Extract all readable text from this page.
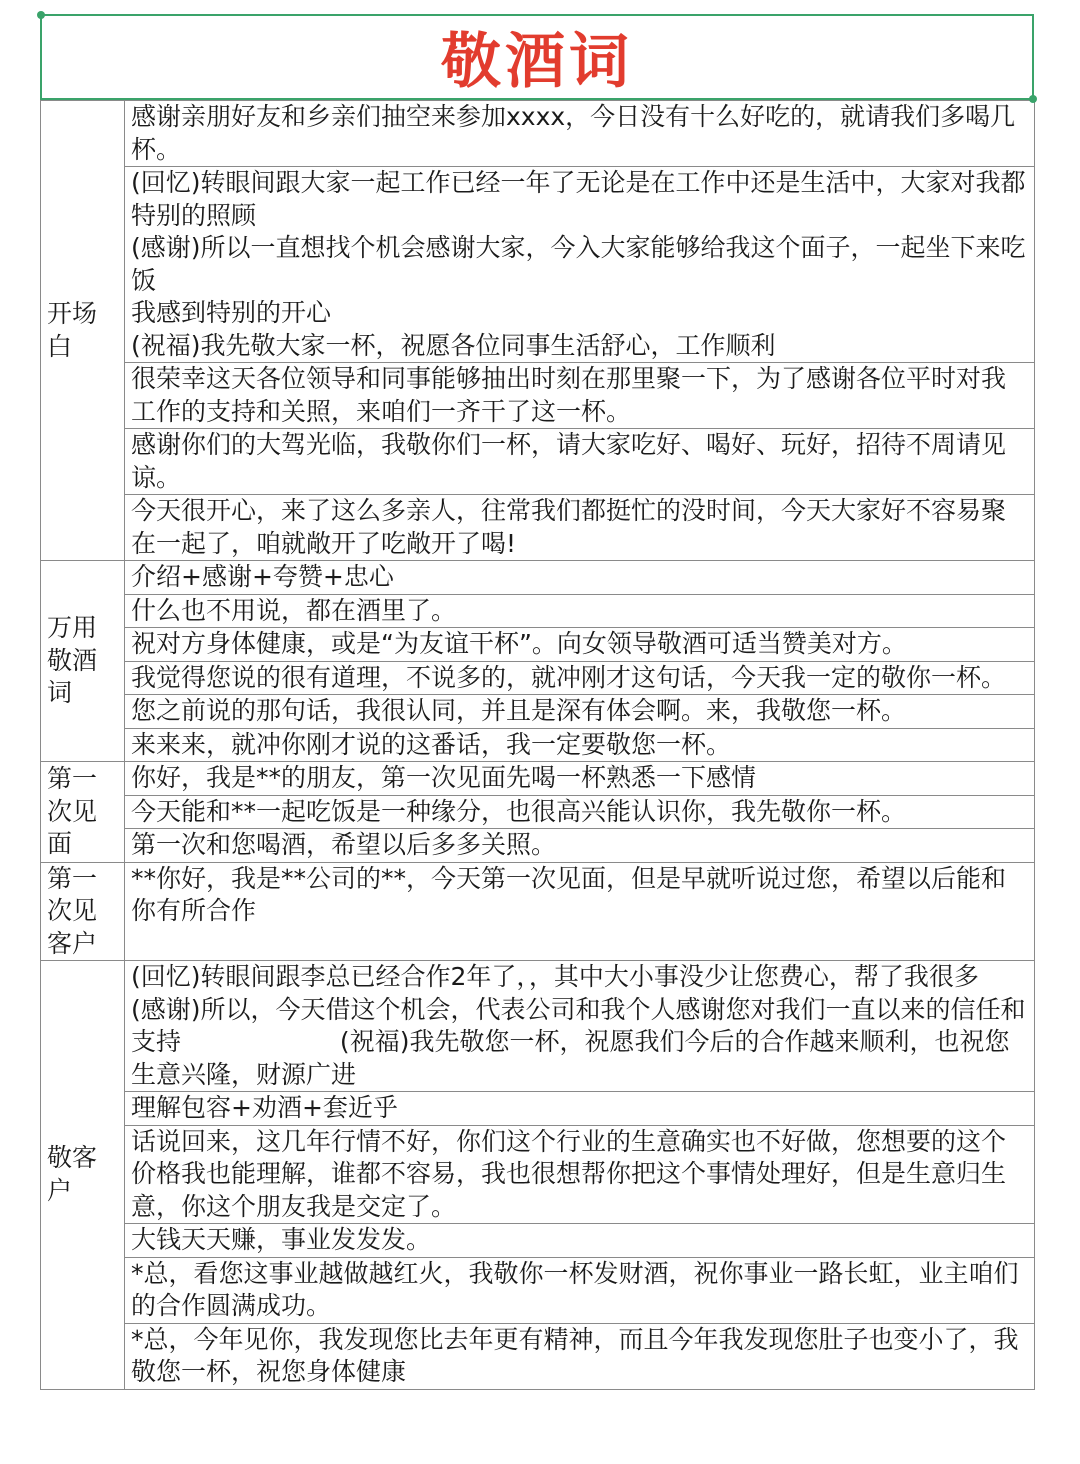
敬酒词
开场白	感谢亲朋好友和乡亲们抽空来参加xxxx，今日没有十么好吃的，就请我们多喝几杯。
	(回忆)转眼间跟大家一起工作已经一年了无论是在工作中还是生活中，大家对我都特别的照顾
(感谢)所以一直想找个机会感谢大家，今入大家能够给我这个面子，一起坐下来吃饭
我感到特别的开心
(祝福)我先敬大家一杯，祝愿各位同事生活舒心，工作顺利
	很荣幸这天各位领导和同事能够抽出时刻在那里聚一下，为了感谢各位平时对我工作的支持和关照，来咱们一齐干了这一杯。
	感谢你们的大驾光临，我敬你们一杯，请大家吃好、喝好、玩好，招待不周请见谅。
	今天很开心，来了这么多亲人，往常我们都挺忙的没时间，今天大家好不容易聚在一起了，咱就敞开了吃敞开了喝!
万用敬酒词	介绍+感谢+夸赞+忠心
	什么也不用说，都在酒里了。
	祝对方身体健康，或是“为友谊干杯”。向女领导敬酒可适当赞美对方。
	我觉得您说的很有道理，不说多的，就冲刚才这句话，今天我一定的敬你一杯。
	您之前说的那句话，我很认同，并且是深有体会啊。来，我敬您一杯。
	来来来，就冲你刚才说的这番话，我一定要敬您一杯。
第一次见面	你好，我是**的朋友，第一次见面先喝一杯熟悉一下感情
	今天能和**一起吃饭是一种缘分，也很高兴能认识你，我先敬你一杯。
	第一次和您喝酒，希望以后多多关照。
第一次见客户	**你好，我是**公司的**，今天第一次见面，但是早就听说过您，希望以后能和你有所合作
敬客户	(回忆)转眼间跟李总已经合作2年了，，其中大小事没少让您费心，帮了我很多
(感谢)所以，今天借这个机会，代表公司和我个人感谢您对我们一直以来的信任和支持                    (祝福)我先敬您一杯，祝愿我们今后的合作越来顺利，也祝您生意兴隆，财源广进
	理解包容+劝酒+套近乎
	话说回来，这几年行情不好，你们这个行业的生意确实也不好做，您想要的这个价格我也能理解，谁都不容易，我也很想帮你把这个事情处理好，但是生意归生意，你这个朋友我是交定了。
	大钱天天赚，事业发发发。
	*总，看您这事业越做越红火，我敬你一杯发财酒，祝你事业一路长虹，业主咱们的合作圆满成功。
	*总，今年见你，我发现您比去年更有精神，而且今年我发现您肚子也变小了，我敬您一杯，祝您身体健康
